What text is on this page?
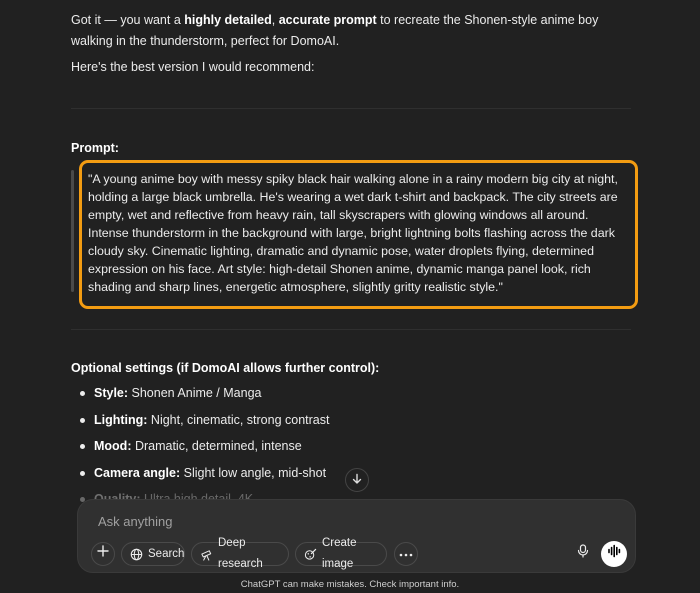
Got it — you want a highly detailed, accurate prompt to recreate the Shonen-style anime boy walking in the thunderstorm, perfect for DomoAI.

Here's the best version I would recommend:

Prompt:
"A young anime boy with messy spiky black hair walking alone in a rainy modern big city at night, holding a large black umbrella. He's wearing a wet dark t-shirt and backpack. The city streets are empty, wet and reflective from heavy rain, tall skyscrapers with glowing windows all around. Intense thunderstorm in the background with large, bright lightning bolts flashing across the dark cloudy sky. Cinematic lighting, dramatic and dynamic pose, water droplets flying, determined expression on his face. Art style: high-detail Shonen anime, dynamic manga panel look, rich shading and sharp lines, energetic atmosphere, slightly gritty realistic style."
Optional settings (if DomoAI allows further control):
Style: Shonen Anime / Manga
Lighting: Night, cinematic, strong contrast
Mood: Dramatic, determined, intense
Camera angle: Slight low angle, mid-shot
Ask anything
Search
Deep research
Create image
ChatGPT can make mistakes. Check important info.
